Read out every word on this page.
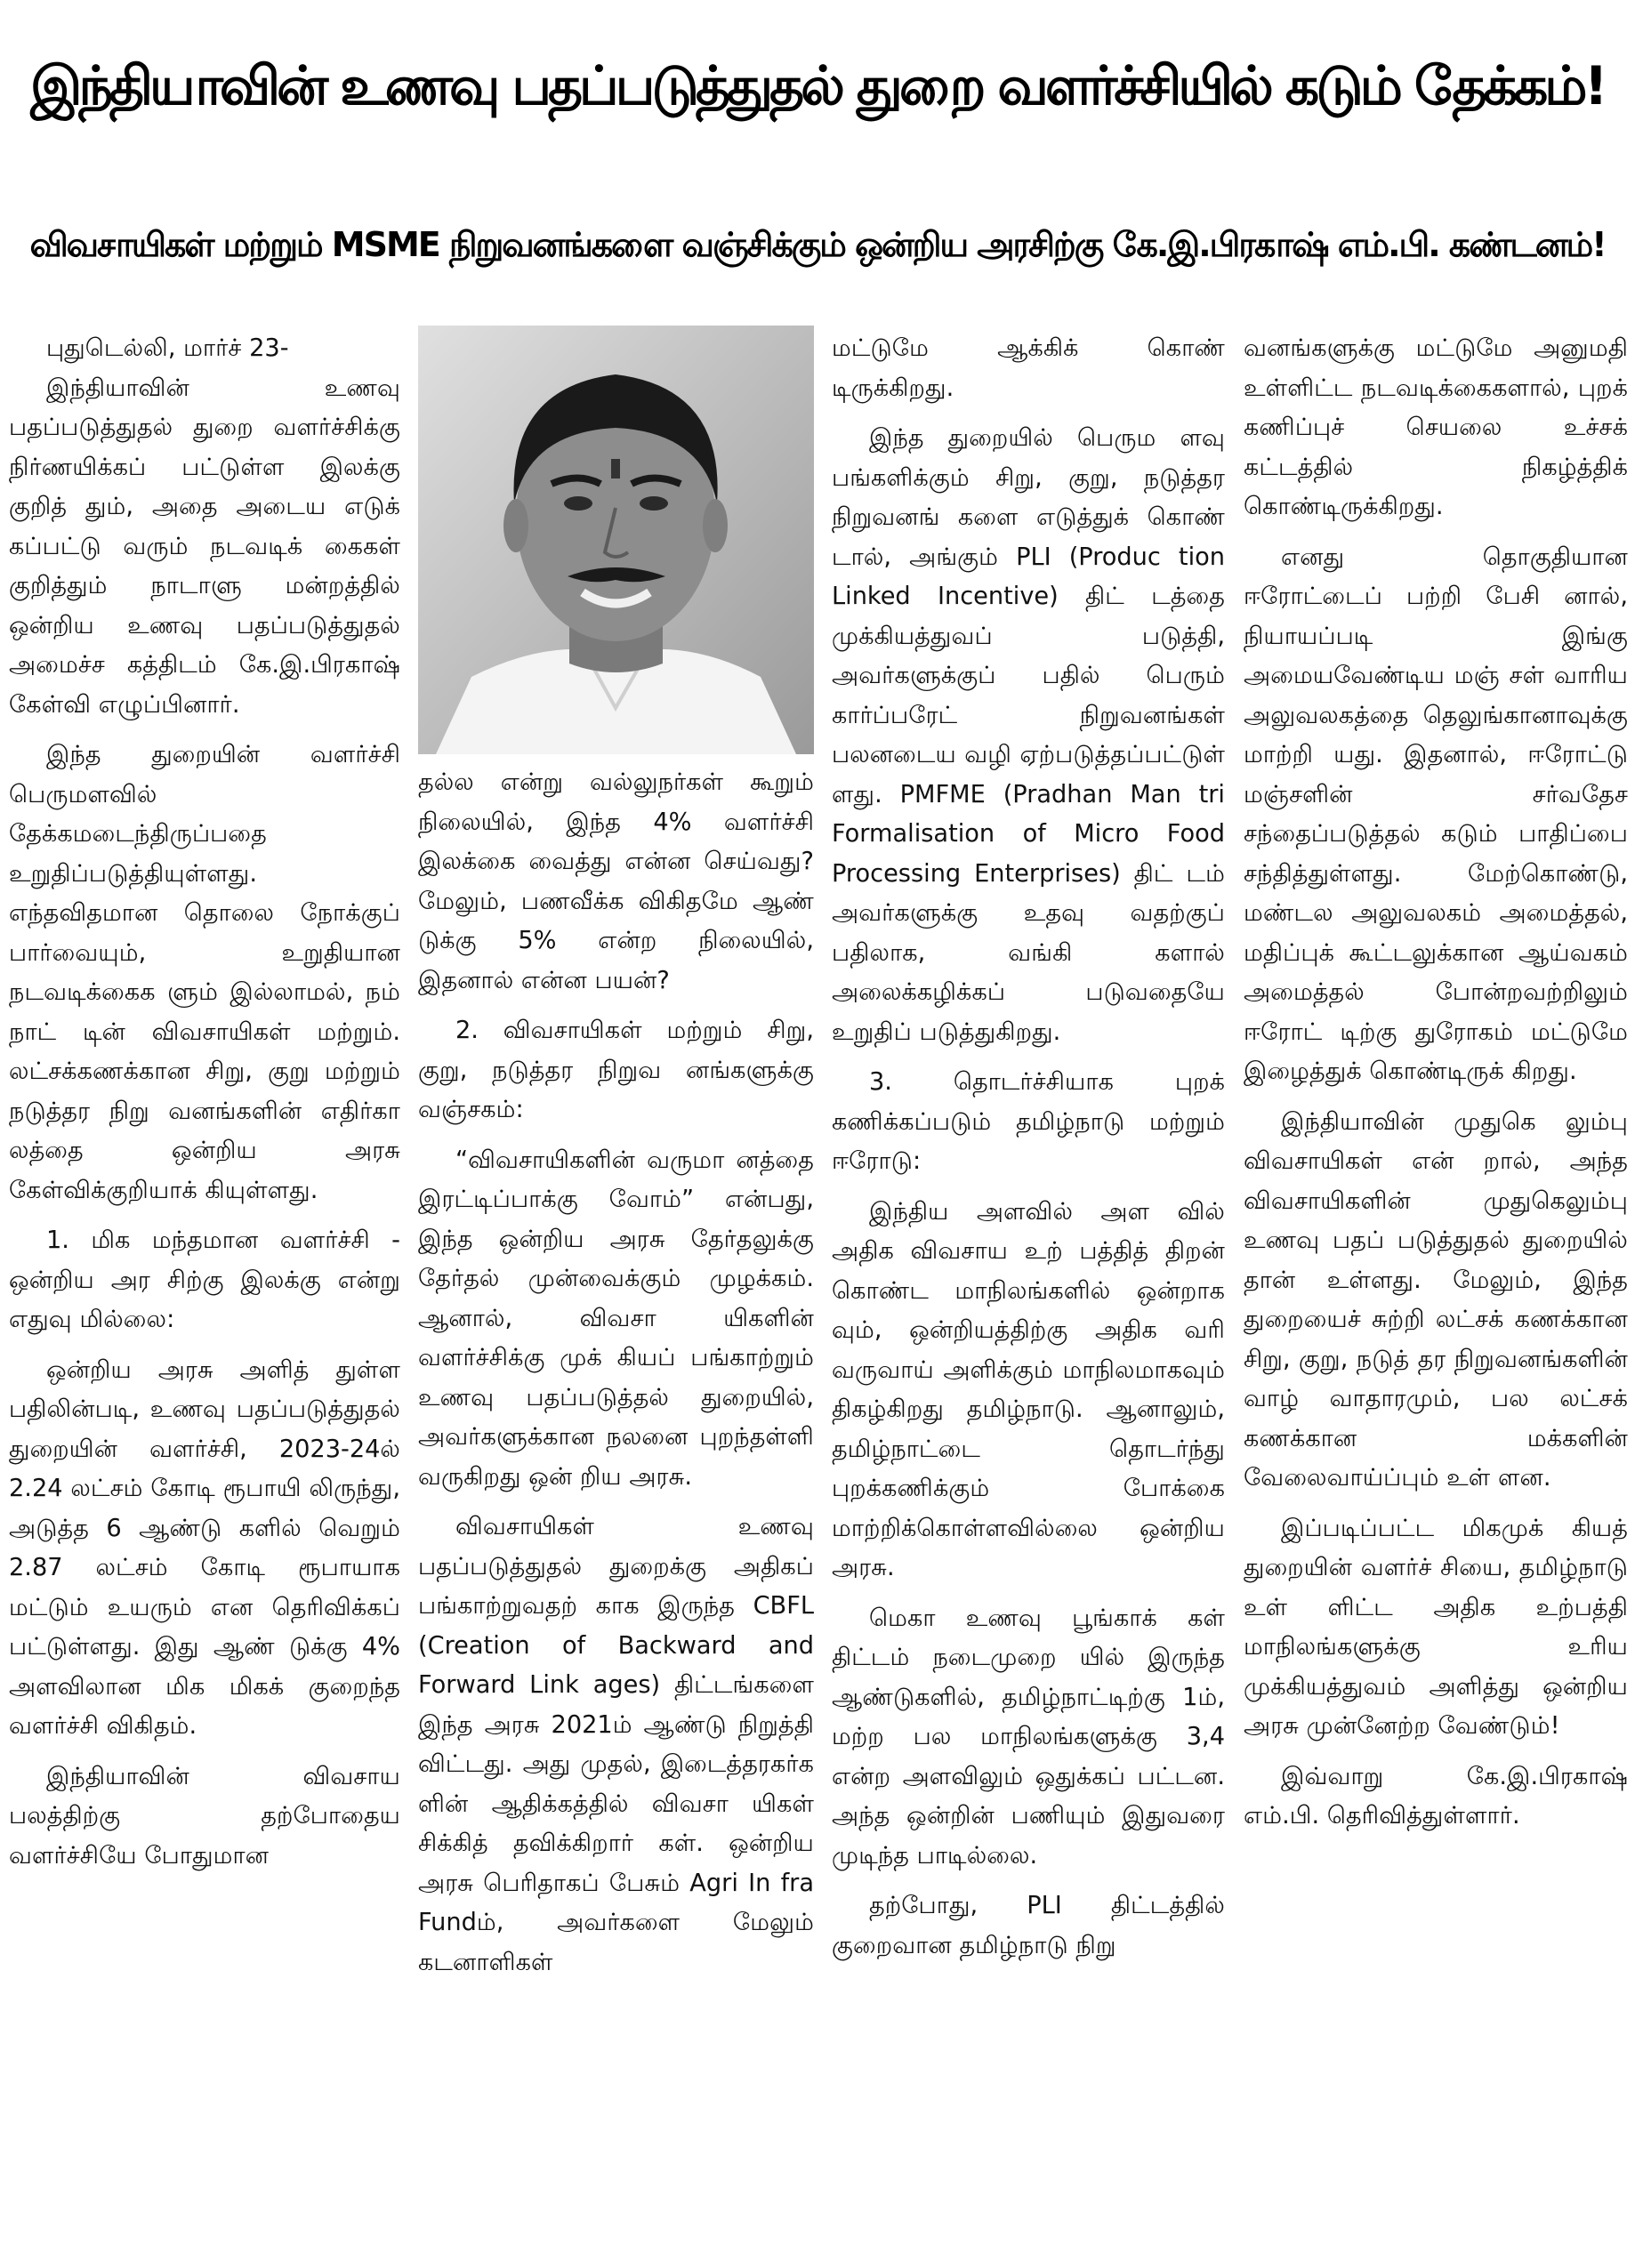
இந்தியாவின் உணவு பதப்படுத்துதல் துறை வளர்ச்சியில் கடும் தேக்கம்!
விவசாயிகள் மற்றும் MSME நிறுவனங்களை வஞ்சிக்கும் ஒன்றிய அரசிற்கு கே.இ.பிரகாஷ் எம்.பி. கண்டனம்!

புதுடெல்லி, மார்ச் 23-

இந்தியாவின் உணவு பதப்படுத்துதல் துறை வளர்ச்சிக்கு நிர்ணயிக்கப் பட்டுள்ள இலக்கு குறித் தும், அதை அடைய எடுக் கப்பட்டு வரும் நடவடிக் கைகள் குறித்தும் நாடாளு மன்றத்தில் ஒன்றிய உணவு பதப்படுத்துதல் அமைச்ச கத்திடம் கே.இ.பிரகாஷ் கேள்வி எழுப்பினார்.

இந்த துறையின் வளர்ச்சி பெருமளவில் தேக்கமடைந்திருப்பதை உறுதிப்படுத்தியுள்ளது. எந்தவிதமான தொலை நோக்குப் பார்வையும், உறுதியான நடவடிக்கைக ளும் இல்லாமல், நம் நாட் டின் விவசாயிகள் மற்றும். லட்சக்கணக்கான சிறு, குறு மற்றும் நடுத்தர நிறு வனங்களின் எதிர்கா லத்தை ஒன்றிய அரசு கேள்விக்குறியாக் கியுள்ளது.

1. மிக மந்தமான வளர்ச்சி - ஒன்றிய அர சிற்கு இலக்கு என்று எதுவு மில்லை:

ஒன்றிய அரசு அளித் துள்ள பதிலின்படி, உணவு பதப்படுத்துதல் துறையின் வளர்ச்சி, 2023-24ல் 2.24 லட்சம் கோடி ரூபாயி லிருந்து, அடுத்த 6 ஆண்டு களில் வெறும் 2.87 லட்சம் கோடி ரூபாயாக மட்டும் உயரும் என தெரிவிக்கப் பட்டுள்ளது. இது ஆண் டுக்கு 4% அளவிலான மிக மிகக் குறைந்த வளர்ச்சி விகிதம்.

இந்தியாவின் விவசாய பலத்திற்கு தற்போதைய வளர்ச்சியே போதுமான

தல்ல என்று வல்லுநர்கள் கூறும் நிலையில், இந்த 4% வளர்ச்சி இலக்கை வைத்து என்ன செய்வது? மேலும், பணவீக்க விகிதமே ஆண் டுக்கு 5% என்ற நிலையில், இதனால் என்ன பயன்?

2. விவசாயிகள் மற்றும் சிறு, குறு, நடுத்தர நிறுவ னங்களுக்கு வஞ்சகம்:

“விவசாயிகளின் வருமா னத்தை இரட்டிப்பாக்கு வோம்” என்பது, இந்த ஒன்றிய அரசு தேர்தலுக்கு தேர்தல் முன்வைக்கும் முழக்கம். ஆனால், விவசா யிகளின் வளர்ச்சிக்கு முக் கியப் பங்காற்றும் உணவு பதப்படுத்தல் துறையில், அவர்களுக்கான நலனை புறந்தள்ளி வருகிறது ஒன் றிய அரசு.

விவசாயிகள் உணவு பதப்படுத்துதல் துறைக்கு அதிகப் பங்காற்றுவதற் காக இருந்த CBFL (Creation of Backward and Forward Link ages) திட்டங்களை இந்த அரசு 2021ம் ஆண்டு நிறுத்தி விட்டது. அது முதல், இடைத்தரகர்க ளின் ஆதிக்கத்தில் விவசா யிகள் சிக்கித் தவிக்கிறார் கள். ஒன்றிய அரசு பெரிதாகப் பேசும் Agri In fra Fundம், அவர்களை மேலும் கடனாளிகள்

மட்டுமே ஆக்கிக் கொண் டிருக்கிறது.

இந்த துறையில் பெரும ளவு பங்களிக்கும் சிறு, குறு, நடுத்தர நிறுவனங் களை எடுத்துக் கொண் டால், அங்கும் PLI (Produc tion Linked Incentive) திட் டத்தை முக்கியத்துவப் படுத்தி, அவர்களுக்குப் பதில் பெரும் கார்ப்பரேட் நிறுவனங்கள் பலனடைய வழி ஏற்படுத்தப்பட்டுள் ளது. PMFME (Pradhan Man tri Formalisation of Micro Food Processing Enterprises) திட் டம் அவர்களுக்கு உதவு வதற்குப் பதிலாக, வங்கி களால் அலைக்கழிக்கப் படுவதையே உறுதிப் படுத்துகிறது.

3. தொடர்ச்சியாக புறக் கணிக்கப்படும் தமிழ்நாடு மற்றும் ஈரோடு:

இந்திய அளவில் அள வில் அதிக விவசாய உற் பத்தித் திறன் கொண்ட மாநிலங்களில் ஒன்றாக வும், ஒன்றியத்திற்கு அதிக வரி வருவாய் அளிக்கும் மாநிலமாகவும் திகழ்கிறது தமிழ்நாடு. ஆனாலும், தமிழ்நாட்டை தொடர்ந்து புறக்கணிக்கும் போக்கை மாற்றிக்கொள்ளவில்லை ஒன்றிய அரசு.

மெகா உணவு பூங்காக் கள் திட்டம் நடைமுறை யில் இருந்த ஆண்டுகளில், தமிழ்நாட்டிற்கு 1ம், மற்ற பல மாநிலங்களுக்கு 3,4 என்ற அளவிலும் ஒதுக்கப் பட்டன. அந்த ஒன்றின் பணியும் இதுவரை முடிந்த பாடில்லை.

தற்போது, PLI திட்டத்தில் குறைவான தமிழ்நாடு நிறு

வனங்களுக்கு மட்டுமே அனுமதி உள்ளிட்ட நடவடிக்கைகளால், புறக் கணிப்புச் செயலை உச்சக் கட்டத்தில் நிகழ்த்திக் கொண்டிருக்கிறது.

எனது தொகுதியான ஈரோட்டைப் பற்றி பேசி னால், நியாயப்படி இங்கு அமையவேண்டிய மஞ் சள் வாரிய அலுவலகத்தை தெலுங்கானாவுக்கு மாற்றி யது. இதனால், ஈரோட்டு மஞ்சளின் சர்வதேச சந்தைப்படுத்தல் கடும் பாதிப்பை சந்தித்துள்ளது. மேற்கொண்டு, மண்டல அலுவலகம் அமைத்தல், மதிப்புக் கூட்டலுக்கான ஆய்வகம் அமைத்தல் போன்றவற்றிலும் ஈரோட் டிற்கு துரோகம் மட்டுமே இழைத்துக் கொண்டிருக் கிறது.

இந்தியாவின் முதுகெ லும்பு விவசாயிகள் என் றால், அந்த விவசாயிகளின் முதுகெலும்பு உணவு பதப் படுத்துதல் துறையில் தான் உள்ளது. மேலும், இந்த துறையைச் சுற்றி லட்சக் கணக்கான சிறு, குறு, நடுத் தர நிறுவனங்களின் வாழ் வாதாரமும், பல லட்சக் கணக்கான மக்களின் வேலைவாய்ப்பும் உள் ளன.

இப்படிப்பட்ட மிகமுக் கியத் துறையின் வளர்ச் சியை, தமிழ்நாடு உள் ளிட்ட அதிக உற்பத்தி மாநிலங்களுக்கு உரிய முக்கியத்துவம் அளித்து ஒன்றிய அரசு முன்னேற்ற வேண்டும்!

இவ்வாறு கே.இ.பிரகாஷ் எம்.பி. தெரிவித்துள்ளார்.
